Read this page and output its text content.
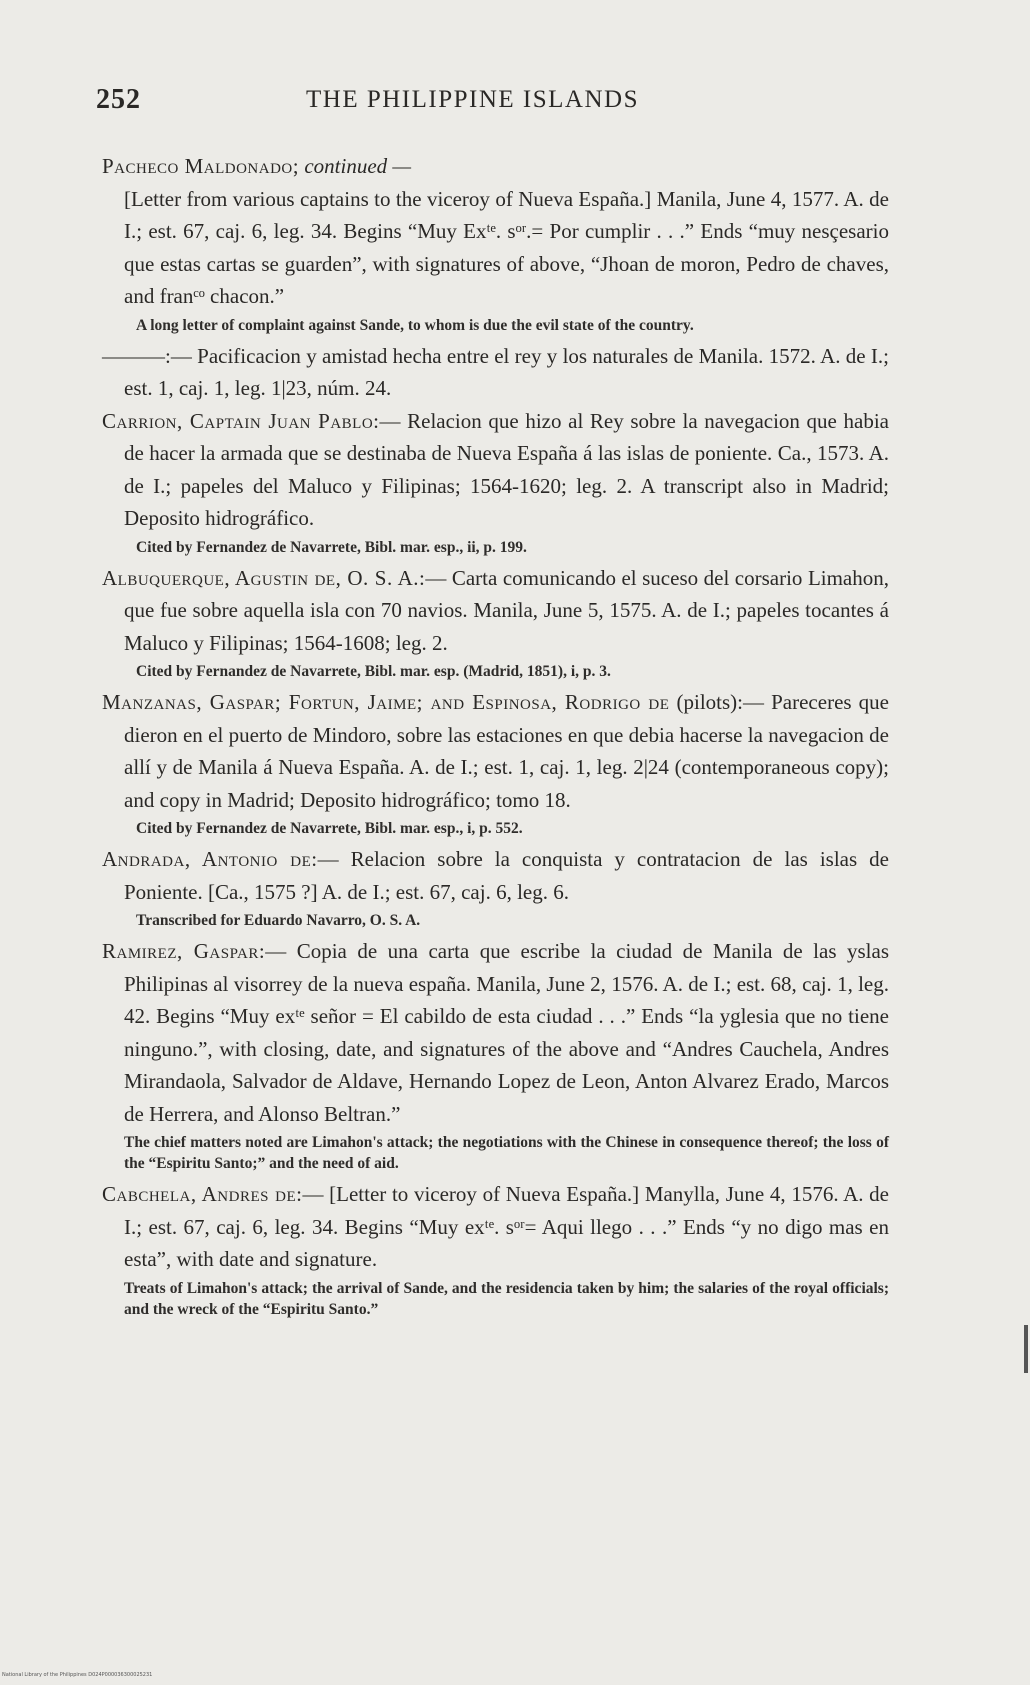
252	THE PHILIPPINE ISLANDS

Pacheco Maldonado; continued —
[Letter from various captains to the viceroy of Nueva España.] Manila, June 4, 1577. A. de I.; est. 67, caj. 6, leg. 34. Begins “Muy Exᵗᵉ. sᵒʳ.= Por cumplir . . .” Ends “muy nesçesario que estas cartas se guarden”, with signatures of above, “Jhoan de moron, Pedro de chaves, and franᶜᵒ chacon.”

A long letter of complaint against Sande, to whom is due the evil state of the country.

———:— Pacificacion y amistad hecha entre el rey y los naturales de Manila. 1572. A. de I.; est. 1, caj. 1, leg. 1|23, núm. 24.

Carrion, Captain Juan Pablo:— Relacion que hizo al Rey sobre la navegacion que habia de hacer la armada que se destinaba de Nueva España á las islas de poniente. Ca., 1573. A. de I.; papeles del Maluco y Filipinas; 1564-1620; leg. 2. A transcript also in Madrid; Deposito hidrográfico.

Cited by Fernandez de Navarrete, Bibl. mar. esp., ii, p. 199.

Albuquerque, Agustin de, O. S. A.:— Carta comunicando el suceso del corsario Limahon, que fue sobre aquella isla con 70 navios. Manila, June 5, 1575. A. de I.; papeles tocantes á Maluco y Filipinas; 1564-1608; leg. 2.

Cited by Fernandez de Navarrete, Bibl. mar. esp. (Madrid, 1851), i, p. 3.

Manzanas, Gaspar; Fortun, Jaime; and Espinosa, Rodrigo de (pilots):— Pareceres que dieron en el puerto de Mindoro, sobre las estaciones en que debia hacerse la navegacion de allí y de Manila á Nueva España. A. de I.; est. 1, caj. 1, leg. 2|24 (contemporaneous copy); and copy in Madrid; Deposito hidrográfico; tomo 18.

Cited by Fernandez de Navarrete, Bibl. mar. esp., i, p. 552.

Andrada, Antonio de:— Relacion sobre la conquista y contratacion de las islas de Poniente. [Ca., 1575 ?] A. de I.; est. 67, caj. 6, leg. 6.

Transcribed for Eduardo Navarro, O. S. A.

Ramirez, Gaspar:— Copia de una carta que escribe la ciudad de Manila de las yslas Philipinas al visorrey de la nueva españa. Manila, June 2, 1576. A. de I.; est. 68, caj. 1, leg. 42. Begins “Muy exᵗᵉ señor = El cabildo de esta ciudad . . .” Ends “la yglesia que no tiene ninguno.”, with closing, date, and signatures of the above and “Andres Cauchela, Andres Mirandaola, Salvador de Aldave, Hernando Lopez de Leon, Anton Alvarez Erado, Marcos de Herrera, and Alonso Beltran.”

The chief matters noted are Limahon's attack; the negotiations with the Chinese in consequence thereof; the loss of the “Espiritu Santo;” and the need of aid.

Cabchela, Andres de:— [Letter to viceroy of Nueva España.] Manylla, June 4, 1576. A. de I.; est. 67, caj. 6, leg. 34. Begins “Muy exᵗᵉ. sᵒʳ= Aqui llego . . .” Ends “y no digo mas en esta”, with date and signature.

Treats of Limahon's attack; the arrival of Sande, and the residencia taken by him; the salaries of the royal officials; and the wreck of the “Espiritu Santo.”
National Library of the Philippines D024P000036300025231
